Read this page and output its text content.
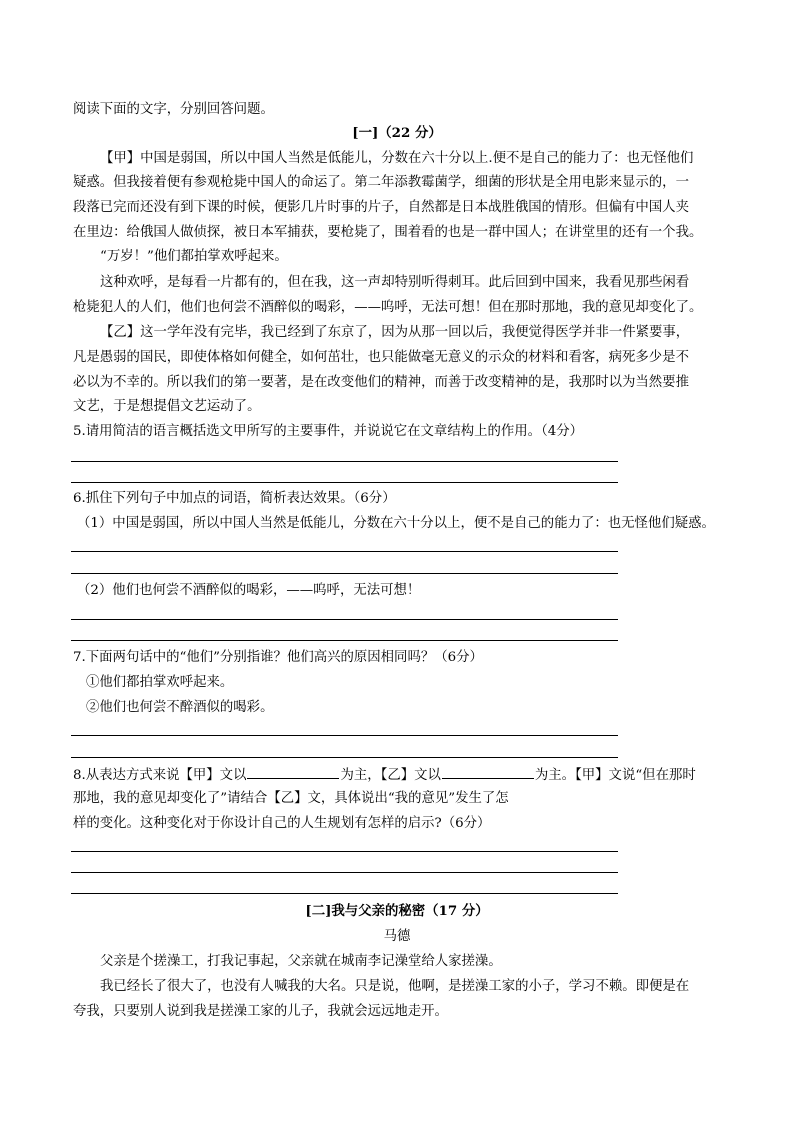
阅读下面的文字，分别回答问题。
[一]（22 分）
【甲】中国是弱国，所以中国人当然是低能儿，分数在六十分以上.便不是自己的能力了：也无怪他们
疑惑。但我接着便有参观枪毙中国人的命运了。第二年添教霉菌学，细菌的形状是全用电影来显示的，一
段落已完而还没有到下课的时候，便影几片时事的片子，自然都是日本战胜俄国的情形。但偏有中国人夹
在里边：给俄国人做侦探，被日本军捕获，要枪毙了，围着看的也是一群中国人；在讲堂里的还有一个我。
“万岁！”他们都拍掌欢呼起来。
这种欢呼，是每看一片都有的，但在我，这一声却特别听得刺耳。此后回到中国来，我看见那些闲看
枪毙犯人的人们，他们也何尝不酒醉似的喝彩，——呜呼，无法可想！但在那时那地，我的意见却变化了。
【乙】这一学年没有完毕，我已经到了东京了，因为从那一回以后，我便觉得医学并非一件紧要事，
凡是愚弱的国民，即使体格如何健全，如何茁壮，也只能做毫无意义的示众的材料和看客，病死多少是不
必以为不幸的。所以我们的第一要著，是在改变他们的精神，而善于改变精神的是，我那时以为当然要推
文艺，于是想提倡文艺运动了。
5.请用简洁的语言概括选文甲所写的主要事件，并说说它在文章结构上的作用。（4分）
6.抓住下列句子中加点的词语，简析表达效果。（6分）
（1）中国是弱国，所以中国人当然是低能儿，分数在六十分以上，便不是自己的能力了：也无怪他们疑惑。
（2）他们也何尝不酒醉似的喝彩，——呜呼，无法可想！
7.下面两句话中的“他们”分别指谁？他们高兴的原因相同吗？（6分）
①他们都拍掌欢呼起来。
②他们也何尝不醉酒似的喝彩。
8.从表达方式来说【甲】文以	为主，【乙】文以	为主。【甲】文说“但在那时
那地，我的意见却变化了”请结合【乙】文，具体说出“我的意见”发生了怎
样的变化。这种变化对于你设计自己的人生规划有怎样的启示?（6分）
[二]我与父亲的秘密（17 分）
马德
父亲是个搓澡工，打我记事起，父亲就在城南李记澡堂给人家搓澡。
我已经长了很大了，也没有人喊我的大名。只是说，他啊，是搓澡工家的小子，学习不赖。即便是在
夸我，只要别人说到我是搓澡工家的儿子，我就会远远地走开。
